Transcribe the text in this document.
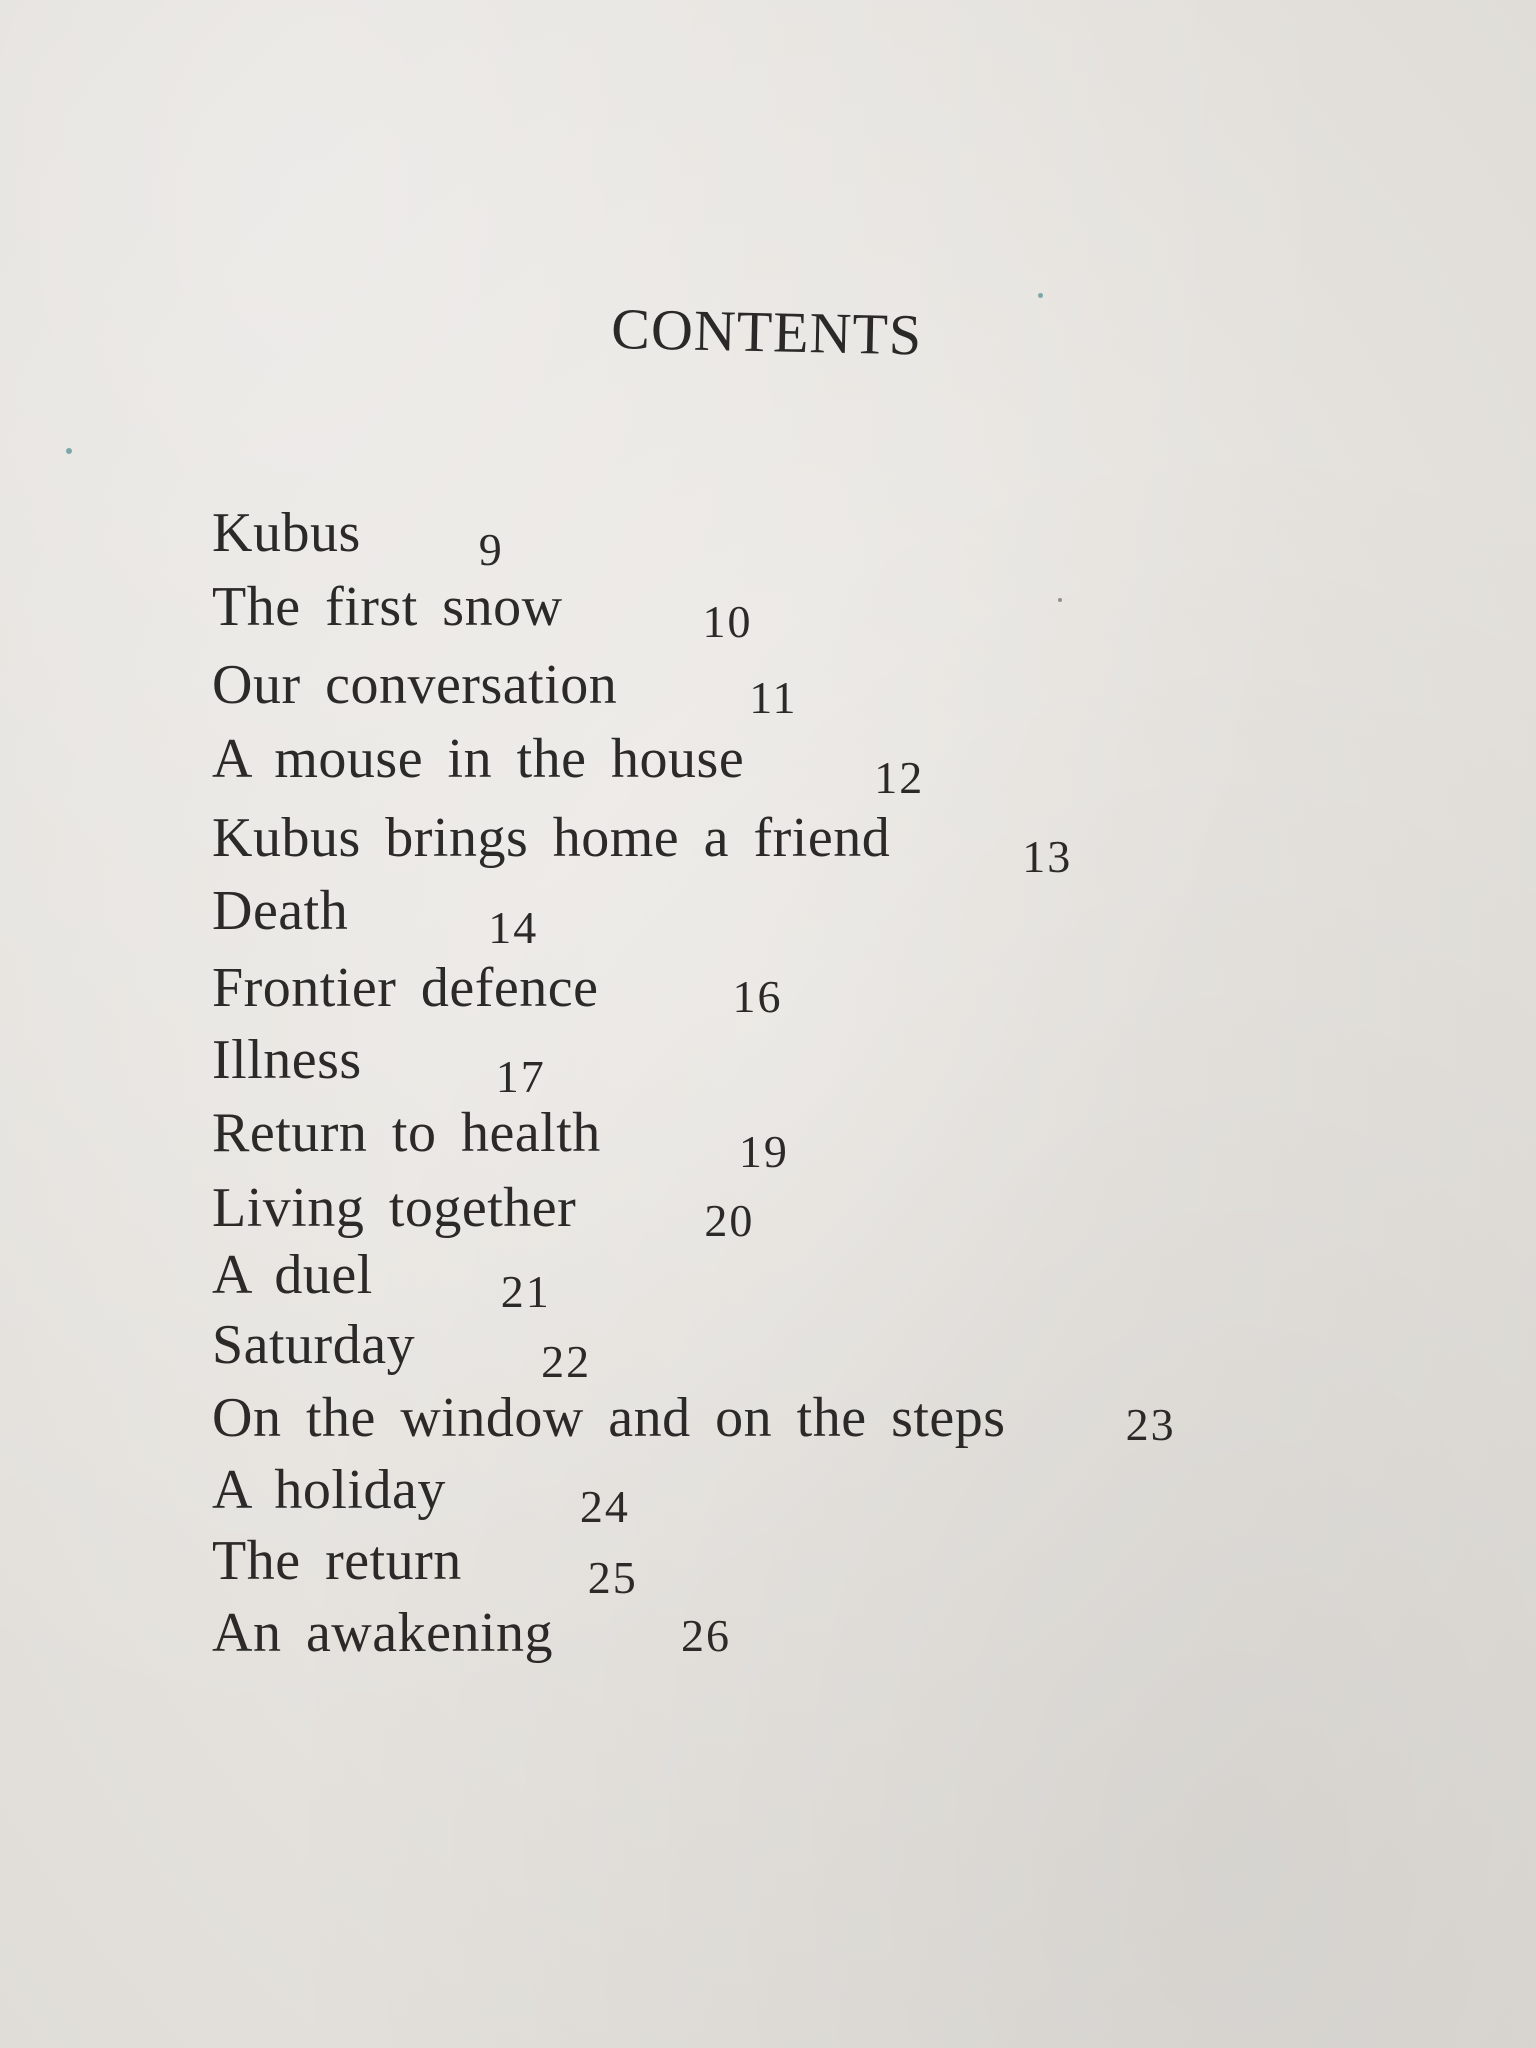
CONTENTS
Kubus	9
The first snow	10
Our conversation	11
A mouse in the house	12
Kubus brings home a friend	13
Death	14
Frontier defence	16
Illness	17
Return to health	19
Living together	20
A duel	21
Saturday	22
On the window and on the steps	23
A holiday	24
The return	25
An awakening	26
